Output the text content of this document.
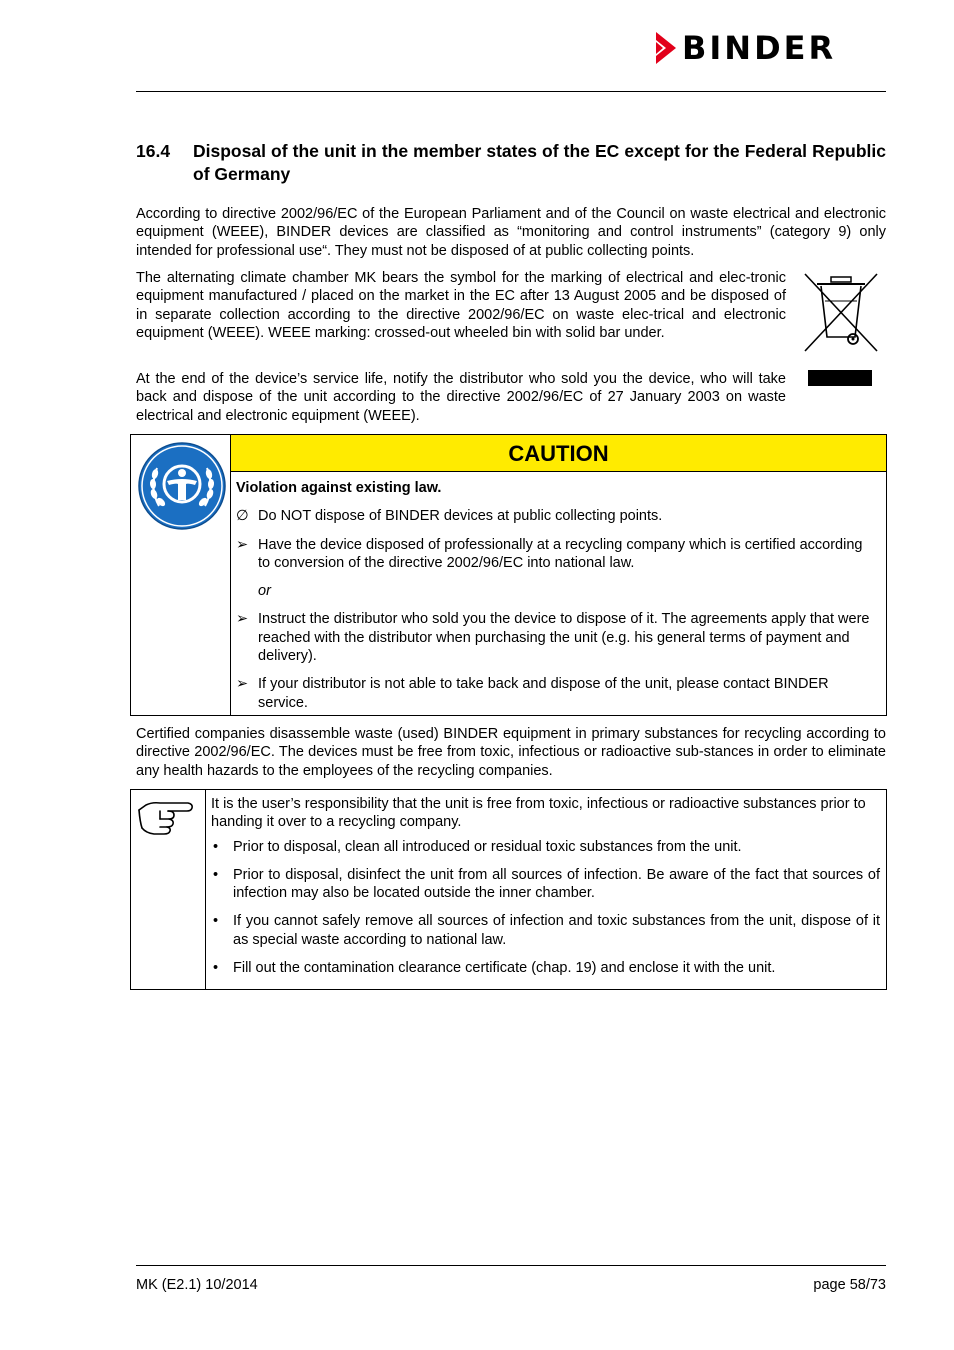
BINDER
16.4 Disposal of the unit in the member states of the EC except for the Federal Republic of Germany

According to directive 2002/96/EC of the European Parliament and of the Council on waste electrical and electronic equipment (WEEE), BINDER devices are classified as “monitoring and control instruments” (category 9) only intended for professional use“. They must not be disposed of at public collecting points.

The alternating climate chamber MK bears the symbol for the marking of electrical and elec-tronic equipment manufactured / placed on the market in the EC after 13 August 2005 and be disposed of in separate collection according to the directive 2002/96/EC on waste elec-trical and electronic equipment (WEEE). WEEE marking: crossed-out wheeled bin with solid bar under.

At the end of the device’s service life, notify the distributor who sold you the device, who will take back and dispose of the unit according to the directive 2002/96/EC of 27 January 2003 on waste electrical and electronic equipment (WEEE).

CAUTION

Violation against existing law.

∅ Do NOT dispose of BINDER devices at public collecting points.
➢ Have the device disposed of professionally at a recycling company which is certified according to conversion of the directive 2002/96/EC into national law.
or
➢ Instruct the distributor who sold you the device to dispose of it. The agreements apply that were reached with the distributor when purchasing the unit (e.g. his general terms of payment and delivery).
➢ If your distributor is not able to take back and dispose of the unit, please contact BINDER service.

Certified companies disassemble waste (used) BINDER equipment in primary substances for recycling according to directive 2002/96/EC. The devices must be free from toxic, infectious or radioactive sub-stances in order to eliminate any health hazards to the employees of the recycling companies.

It is the user’s responsibility that the unit is free from toxic, infectious or radioactive substances prior to handing it over to a recycling company.

• Prior to disposal, clean all introduced or residual toxic substances from the unit.
• Prior to disposal, disinfect the unit from all sources of infection. Be aware of the fact that sources of infection may also be located outside the inner chamber.
• If you cannot safely remove all sources of infection and toxic substances from the unit, dispose of it as special waste according to national law.
• Fill out the contamination clearance certificate (chap. 19) and enclose it with the unit.
MK (E2.1) 10/2014	page 58/73
